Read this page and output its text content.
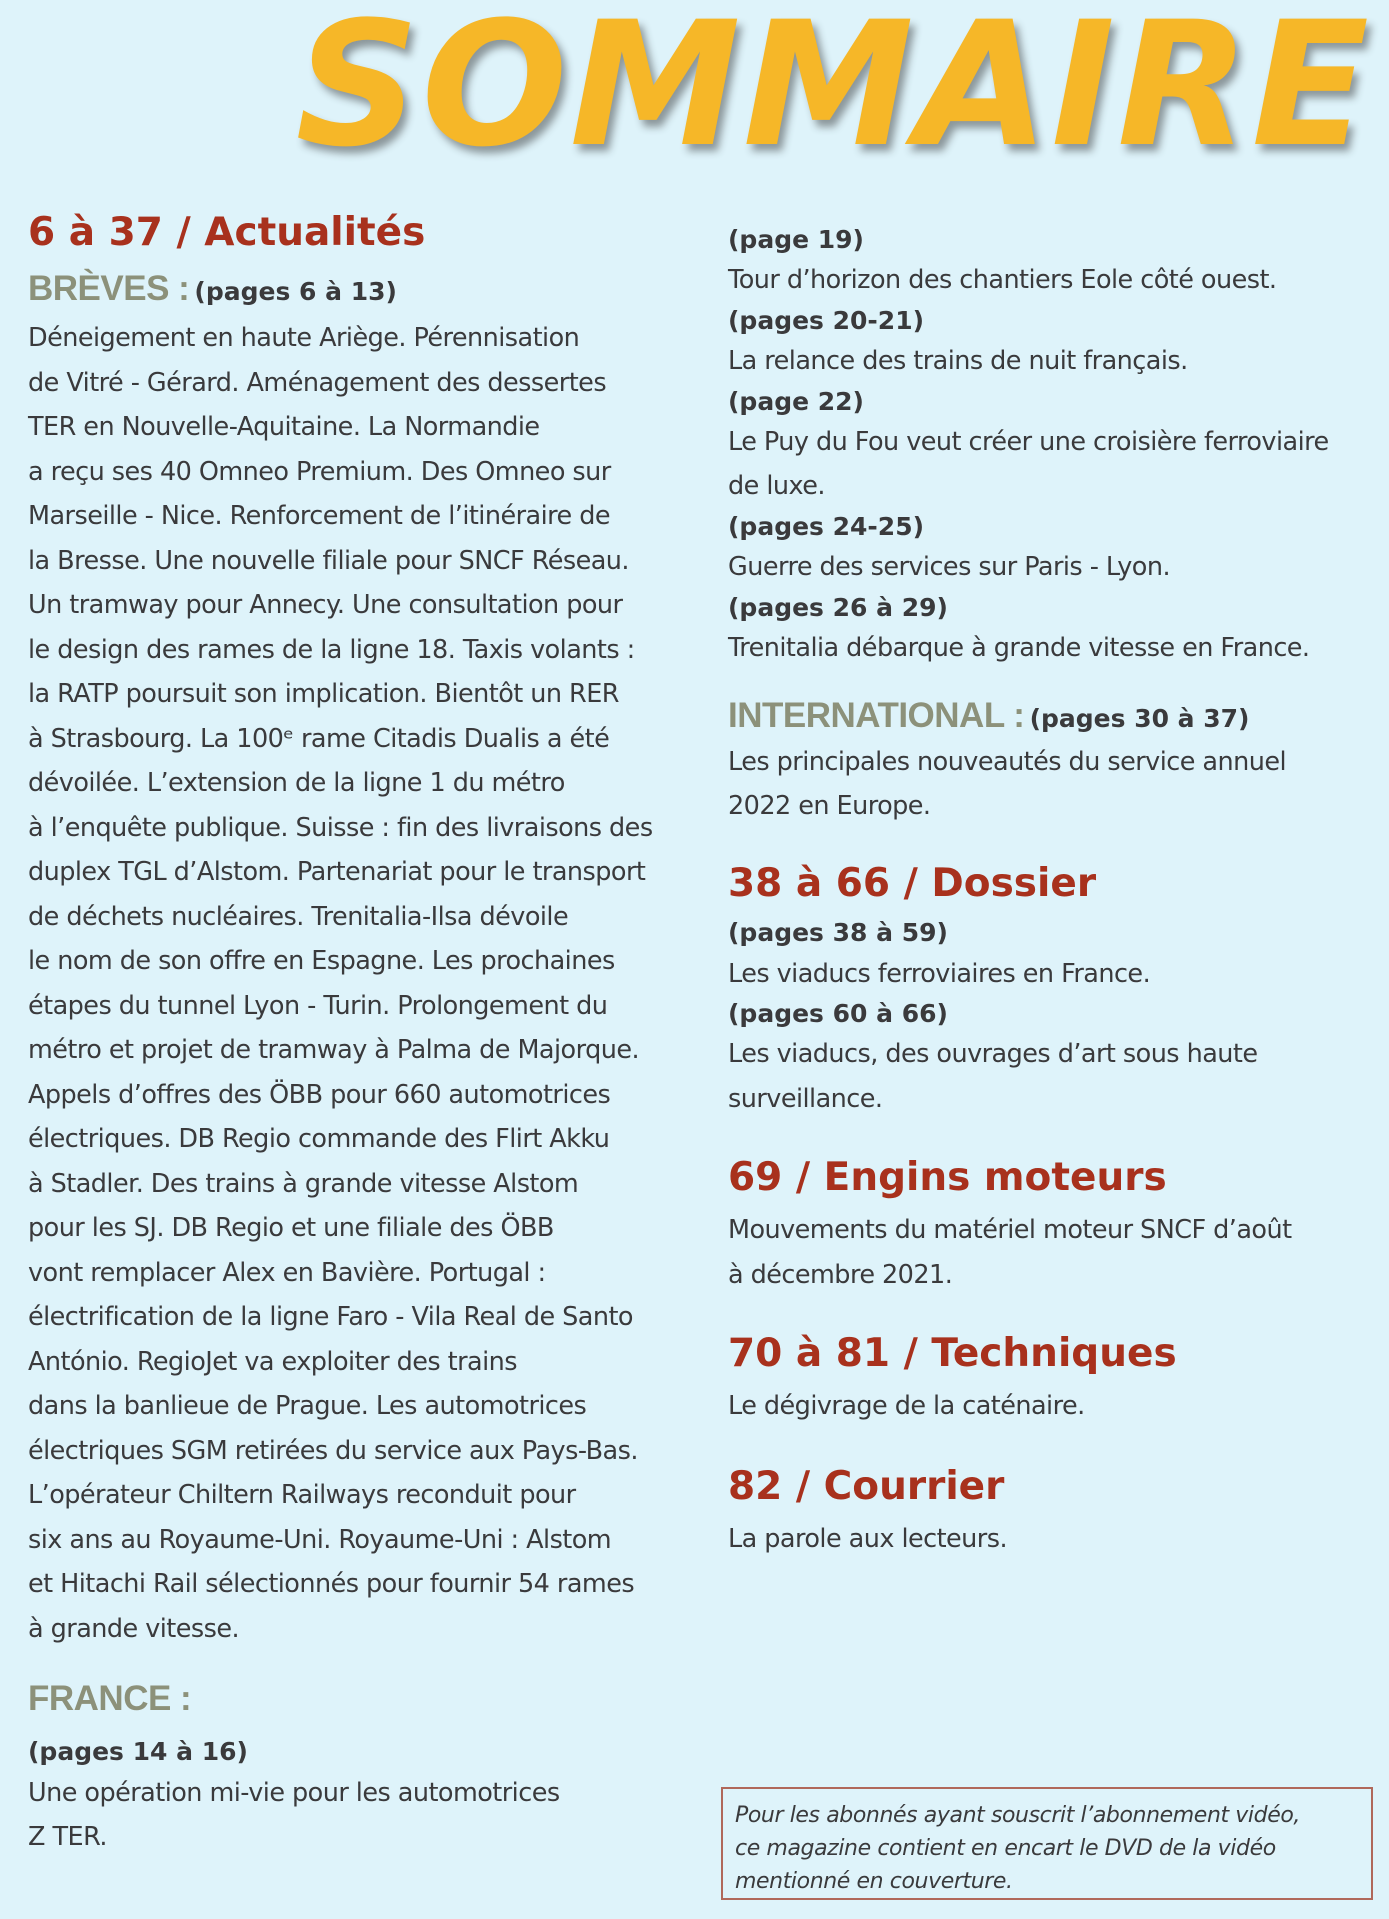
SOMMAIRE
6 à 37 / Actualités
BRÈVES : (pages 6 à 13)
Déneigement en haute Ariège. Pérennisation
de Vitré - Gérard. Aménagement des dessertes
TER en Nouvelle-Aquitaine. La Normandie
a reçu ses 40 Omneo Premium. Des Omneo sur
Marseille - Nice. Renforcement de l’itinéraire de
la Bresse. Une nouvelle filiale pour SNCF Réseau.
Un tramway pour Annecy. Une consultation pour
le design des rames de la ligne 18. Taxis volants :
la RATP poursuit son implication. Bientôt un RER
à Strasbourg. La 100ᵉ rame Citadis Dualis a été
dévoilée. L’extension de la ligne 1 du métro
à l’enquête publique. Suisse : fin des livraisons des
duplex TGL d’Alstom. Partenariat pour le transport
de déchets nucléaires. Trenitalia-Ilsa dévoile
le nom de son offre en Espagne. Les prochaines
étapes du tunnel Lyon - Turin. Prolongement du
métro et projet de tramway à Palma de Majorque.
Appels d’offres des ÖBB pour 660 automotrices
électriques. DB Regio commande des Flirt Akku
à Stadler. Des trains à grande vitesse Alstom
pour les SJ. DB Regio et une filiale des ÖBB
vont remplacer Alex en Bavière. Portugal :
électrification de la ligne Faro - Vila Real de Santo
António. RegioJet va exploiter des trains
dans la banlieue de Prague. Les automotrices
électriques SGM retirées du service aux Pays-Bas.
L’opérateur Chiltern Railways reconduit pour
six ans au Royaume-Uni. Royaume-Uni : Alstom
et Hitachi Rail sélectionnés pour fournir 54 rames
à grande vitesse.
FRANCE :
(pages 14 à 16)
Une opération mi-vie pour les automotrices
Z TER.
(page 19)
Tour d’horizon des chantiers Eole côté ouest.
(pages 20-21)
La relance des trains de nuit français.
(page 22)
Le Puy du Fou veut créer une croisière ferroviaire
de luxe.
(pages 24-25)
Guerre des services sur Paris - Lyon.
(pages 26 à 29)
Trenitalia débarque à grande vitesse en France.
INTERNATIONAL : (pages 30 à 37)
Les principales nouveautés du service annuel
2022 en Europe.
38 à 66 / Dossier
(pages 38 à 59)
Les viaducs ferroviaires en France.
(pages 60 à 66)
Les viaducs, des ouvrages d’art sous haute
surveillance.
69 / Engins moteurs
Mouvements du matériel moteur SNCF d’août
à décembre 2021.
70 à 81 / Techniques
Le dégivrage de la caténaire.
82 / Courrier
La parole aux lecteurs.
Pour les abonnés ayant souscrit l’abonnement vidéo,
ce magazine contient en encart le DVD de la vidéo
mentionné en couverture.
